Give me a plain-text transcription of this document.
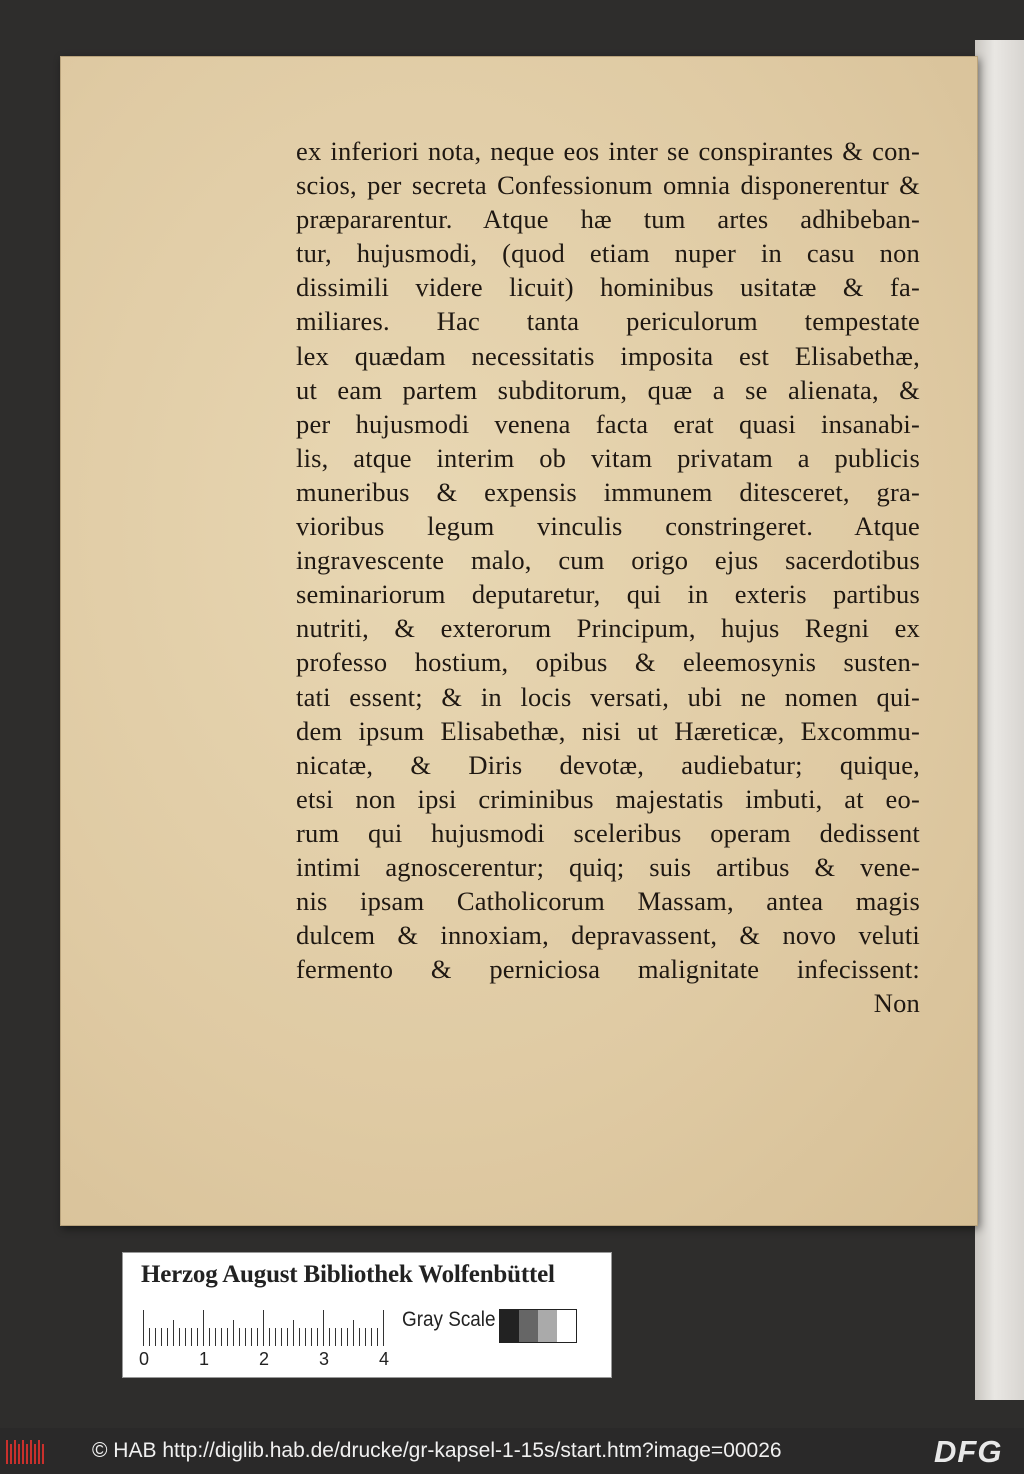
ex inferiori nota, neque eos inter se conspirantes & con-
scios, per secreta Confessionum omnia disponerentur &
præpararentur. Atque hæ tum artes adhibeban-
tur, hujusmodi, (quod etiam nuper in casu non
dissimili videre licuit) hominibus usitatæ & fa-
miliares. Hac tanta periculorum tempestate
lex quædam necessitatis imposita est Elisabethæ,
ut eam partem subditorum, quæ a se alienata, &
per hujusmodi venena facta erat quasi insanabi-
lis, atque interim ob vitam privatam a publicis
muneribus & expensis immunem ditesceret, gra-
vioribus legum vinculis constringeret. Atque
ingravescente malo, cum origo ejus sacerdotibus
seminariorum deputaretur, qui in exteris partibus
nutriti, & exterorum Principum, hujus Regni ex
professo hostium, opibus & eleemosynis susten-
tati essent; & in locis versati, ubi ne nomen qui-
dem ipsum Elisabethæ, nisi ut Hæreticæ, Excommu-
nicatæ, & Diris devotæ, audiebatur; quique,
etsi non ipsi criminibus majestatis imbuti, at eo-
rum qui hujusmodi sceleribus operam dedissent
intimi agnoscerentur; quiq; suis artibus & vene-
nis ipsam Catholicorum Massam, antea magis
dulcem & innoxiam, depravassent, & novo veluti
fermento & perniciosa malignitate infecissent:
Non
Herzog August Bibliothek Wolfenbüttel
0	1	2	3	4
Gray Scale
© HAB http://diglib.hab.de/drucke/gr-kapsel-1-15s/start.htm?image=00026	DFG
